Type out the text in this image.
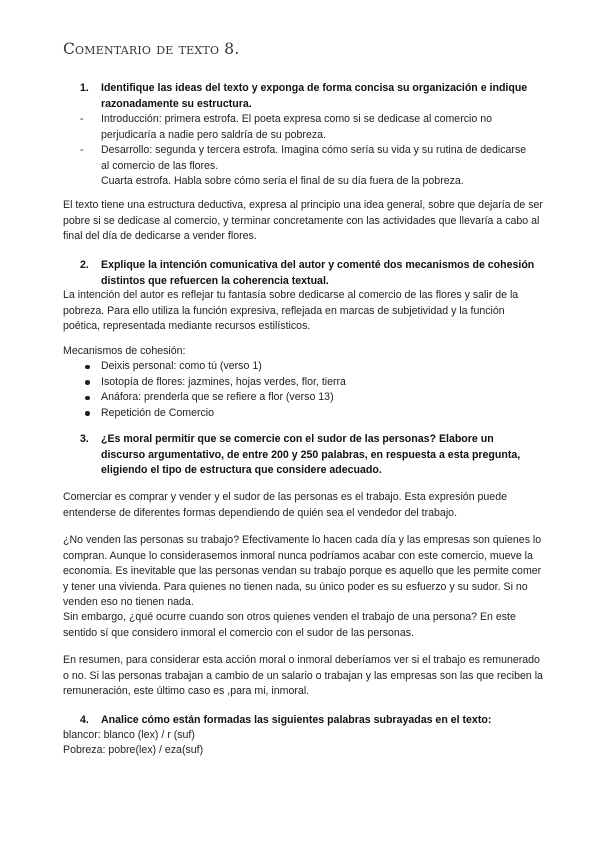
Comentario de texto 8.
1.	Identifique las ideas del texto y exponga de forma concisa su organización e indique razonadamente su estructura.
-	Introducción: primera estrofa. El poeta expresa como si se dedicase al comercio no perjudicaría a nadie pero saldría de su pobreza.
-	Desarrollo: segunda y tercera estrofa. Imagina cómo sería su vida y su rutina de dedicarse al comercio de las flores.
Cuarta estrofa. Habla sobre cómo sería el final de su día fuera de la pobreza.

El texto tiene una estructura deductiva, expresa al principio una idea general, sobre que dejaría de ser pobre si se dedicase al comercio, y terminar concretamente con las actividades que llevaría a cabo al final del día de dedicarse a vender flores.

2.	Explique la intención comunicativa del autor y comenté dos mecanismos de cohesión distintos que refuercen la coherencia textual.

La intención del autor es reflejar tu fantasía sobre dedicarse al comercio de las flores y salir de la pobreza. Para ello utiliza la función expresiva, reflejada en marcas de subjetividad y la función poética, representada mediante recursos estilísticos.

Mecanismos de cohesión:

Deixis personal: como tú (verso 1)
Isotopía de flores: jazmines, hojas verdes, flor, tierra
Anáfora: prenderla que se refiere a flor (verso 13)
Repetición de Comercio
3.	¿Es moral permitir que se comercie con el sudor de las personas? Elabore un discurso argumentativo, de entre 200 y 250 palabras, en respuesta a esta pregunta, eligiendo el tipo de estructura que considere adecuado.

Comerciar es comprar y vender y el sudor de las personas es el trabajo. Esta expresión puede entenderse de diferentes formas dependiendo de quién sea el vendedor del trabajo.

¿No venden las personas su trabajo? Efectivamente lo hacen cada día y las empresas son quienes lo compran. Aunque lo considerasemos inmoral nunca podríamos acabar con este comercio, mueve la economía. Es inevitable que las personas vendan su trabajo porque es aquello que les permite comer y tener una vivienda. Para quienes no tienen nada, su único poder es su esfuerzo y su sudor. Si no venden eso no tienen nada.

Sin embargo, ¿qué ocurre cuando son otros quienes venden el trabajo de una persona? En este sentido sí que considero inmoral el comercio con el sudor de las personas.

En resumen, para considerar esta acción moral o inmoral deberíamos ver si el trabajo es remunerado o no. Si las personas trabajan a cambio de un salario o trabajan y las empresas son las que reciben la remuneración, este último caso es ,para mi, inmoral.

4.	Analice cómo están formadas las siguientes palabras subrayadas en el texto:

blancor: blanco (lex) / r (suf)

Pobreza: pobre(lex) / eza(suf)
